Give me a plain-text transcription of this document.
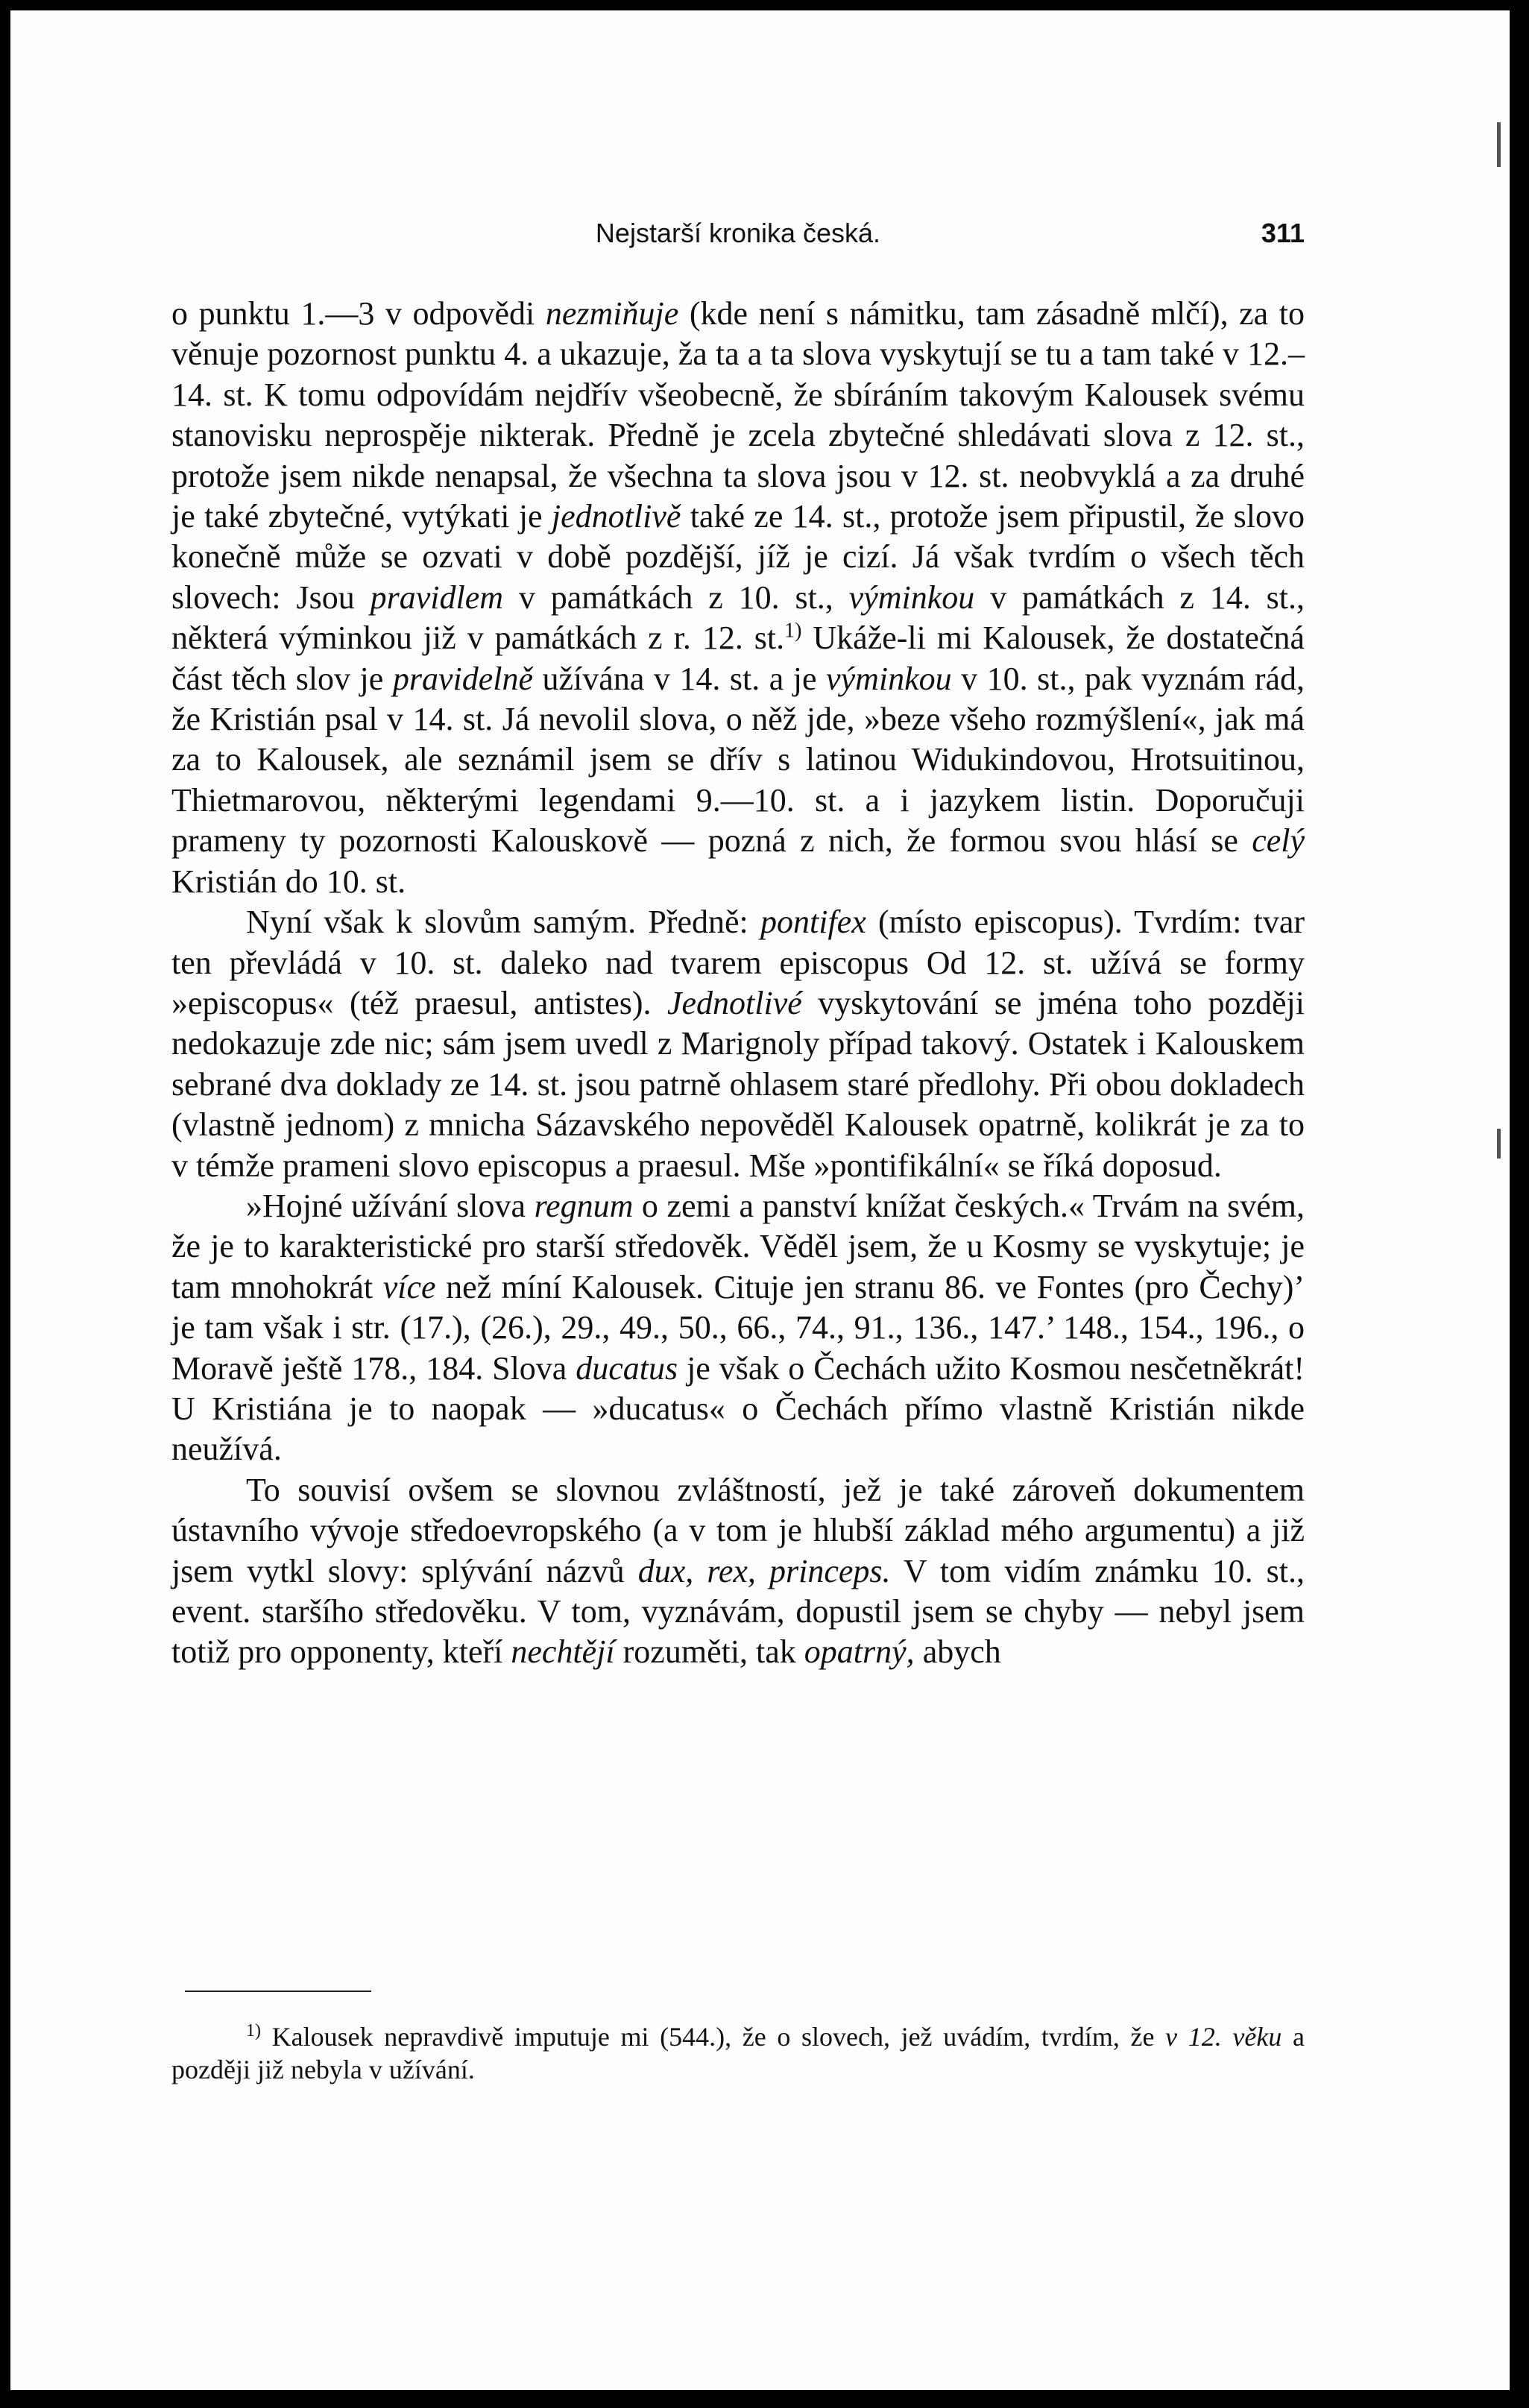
Nejstarší kronika česká.	311

o punktu 1.—3 v odpovědi nezmiňuje (kde není s námitku, tam zásadně mlčí), za to věnuje pozornost punktu 4. a ukazuje, ža ta a ta slova vyskytují se tu a tam také v 12.–14. st. K tomu odpovídám nejdřív všeobecně, že sbíráním takovým Kalousek svému stanovisku neprospěje nikterak. Předně je zcela zbytečné shledávati slova z 12. st., protože jsem nikde nenapsal, že všechna ta slova jsou v 12. st. neobvyklá a za druhé je také zbytečné, vytýkati je jednotlivě také ze 14. st., protože jsem připustil, že slovo konečně může se ozvati v době pozdější, jíž je cizí. Já však tvrdím o všech těch slovech: Jsou pravidlem v památkách z 10. st., výminkou v památkách z 14. st., některá výminkou již v památkách z r. 12. st.$^{1)}$ Ukáže-li mi Kalousek, že dostatečná část těch slov je pravidelně užívána v 14. st. a je výminkou v 10. st., pak vyznám rád, že Kristián psal v 14. st. Já nevolil slova, o něž jde, »beze všeho rozmýšlení«, jak má za to Kalousek, ale seznámil jsem se dřív s latinou Widukindovou, Hrotsuitinou, Thietmarovou, některými legendami 9.—10. st. a i jazykem listin. Doporučuji prameny ty pozornosti Kalouskově — pozná z nich, že formou svou hlásí se celý Kristián do 10. st.

Nyní však k slovům samým. Předně: pontifex (místo episcopus). Tvrdím: tvar ten převládá v 10. st. daleko nad tvarem episcopus Od 12. st. užívá se formy »episcopus« (též praesul, antistes). Jednotlivé vyskytování se jména toho později nedokazuje zde nic; sám jsem uvedl z Marignoly případ takový. Ostatek i Kalouskem sebrané dva doklady ze 14. st. jsou patrně ohlasem staré předlohy. Při obou dokladech (vlastně jednom) z mnicha Sázavského nepověděl Kalousek opatrně, kolikrát je za to v témže prameni slovo episcopus a praesul. Mše »pontifikální« se říká doposud.

»Hojné užívání slova regnum o zemi a panství knížat českých.« Trvám na svém, že je to karakteristické pro starší středověk. Věděl jsem, že u Kosmy se vyskytuje; je tam mnohokrát více než míní Kalousek. Cituje jen stranu 86. ve Fontes (pro Čechy)’ je tam však i str. (17.), (26.), 29., 49., 50., 66., 74., 91., 136., 147.’ 148., 154., 196., o Moravě ještě 178., 184. Slova ducatus je však o Čechách užito Kosmou nesčetněkrát! U Kristiána je to naopak — »ducatus« o Čechách přímo vlastně Kristián nikde neužívá.

To souvisí ovšem se slovnou zvláštností, jež je také zároveň dokumentem ústavního vývoje středoevropského (a v tom je hlubší základ mého argumentu) a již jsem vytkl slovy: splývání názvů dux, rex, princeps. V tom vidím známku 10. st., event. staršího středověku. V tom, vyznávám, dopustil jsem se chyby — nebyl jsem totiž pro opponenty, kteří nechtějí rozuměti, tak opatrný, abych

$^{1)}$ Kalousek nepravdivě imputuje mi (544.), že o slovech, jež uvádím, tvrdím, že v 12. věku a později již nebyla v užívání.
